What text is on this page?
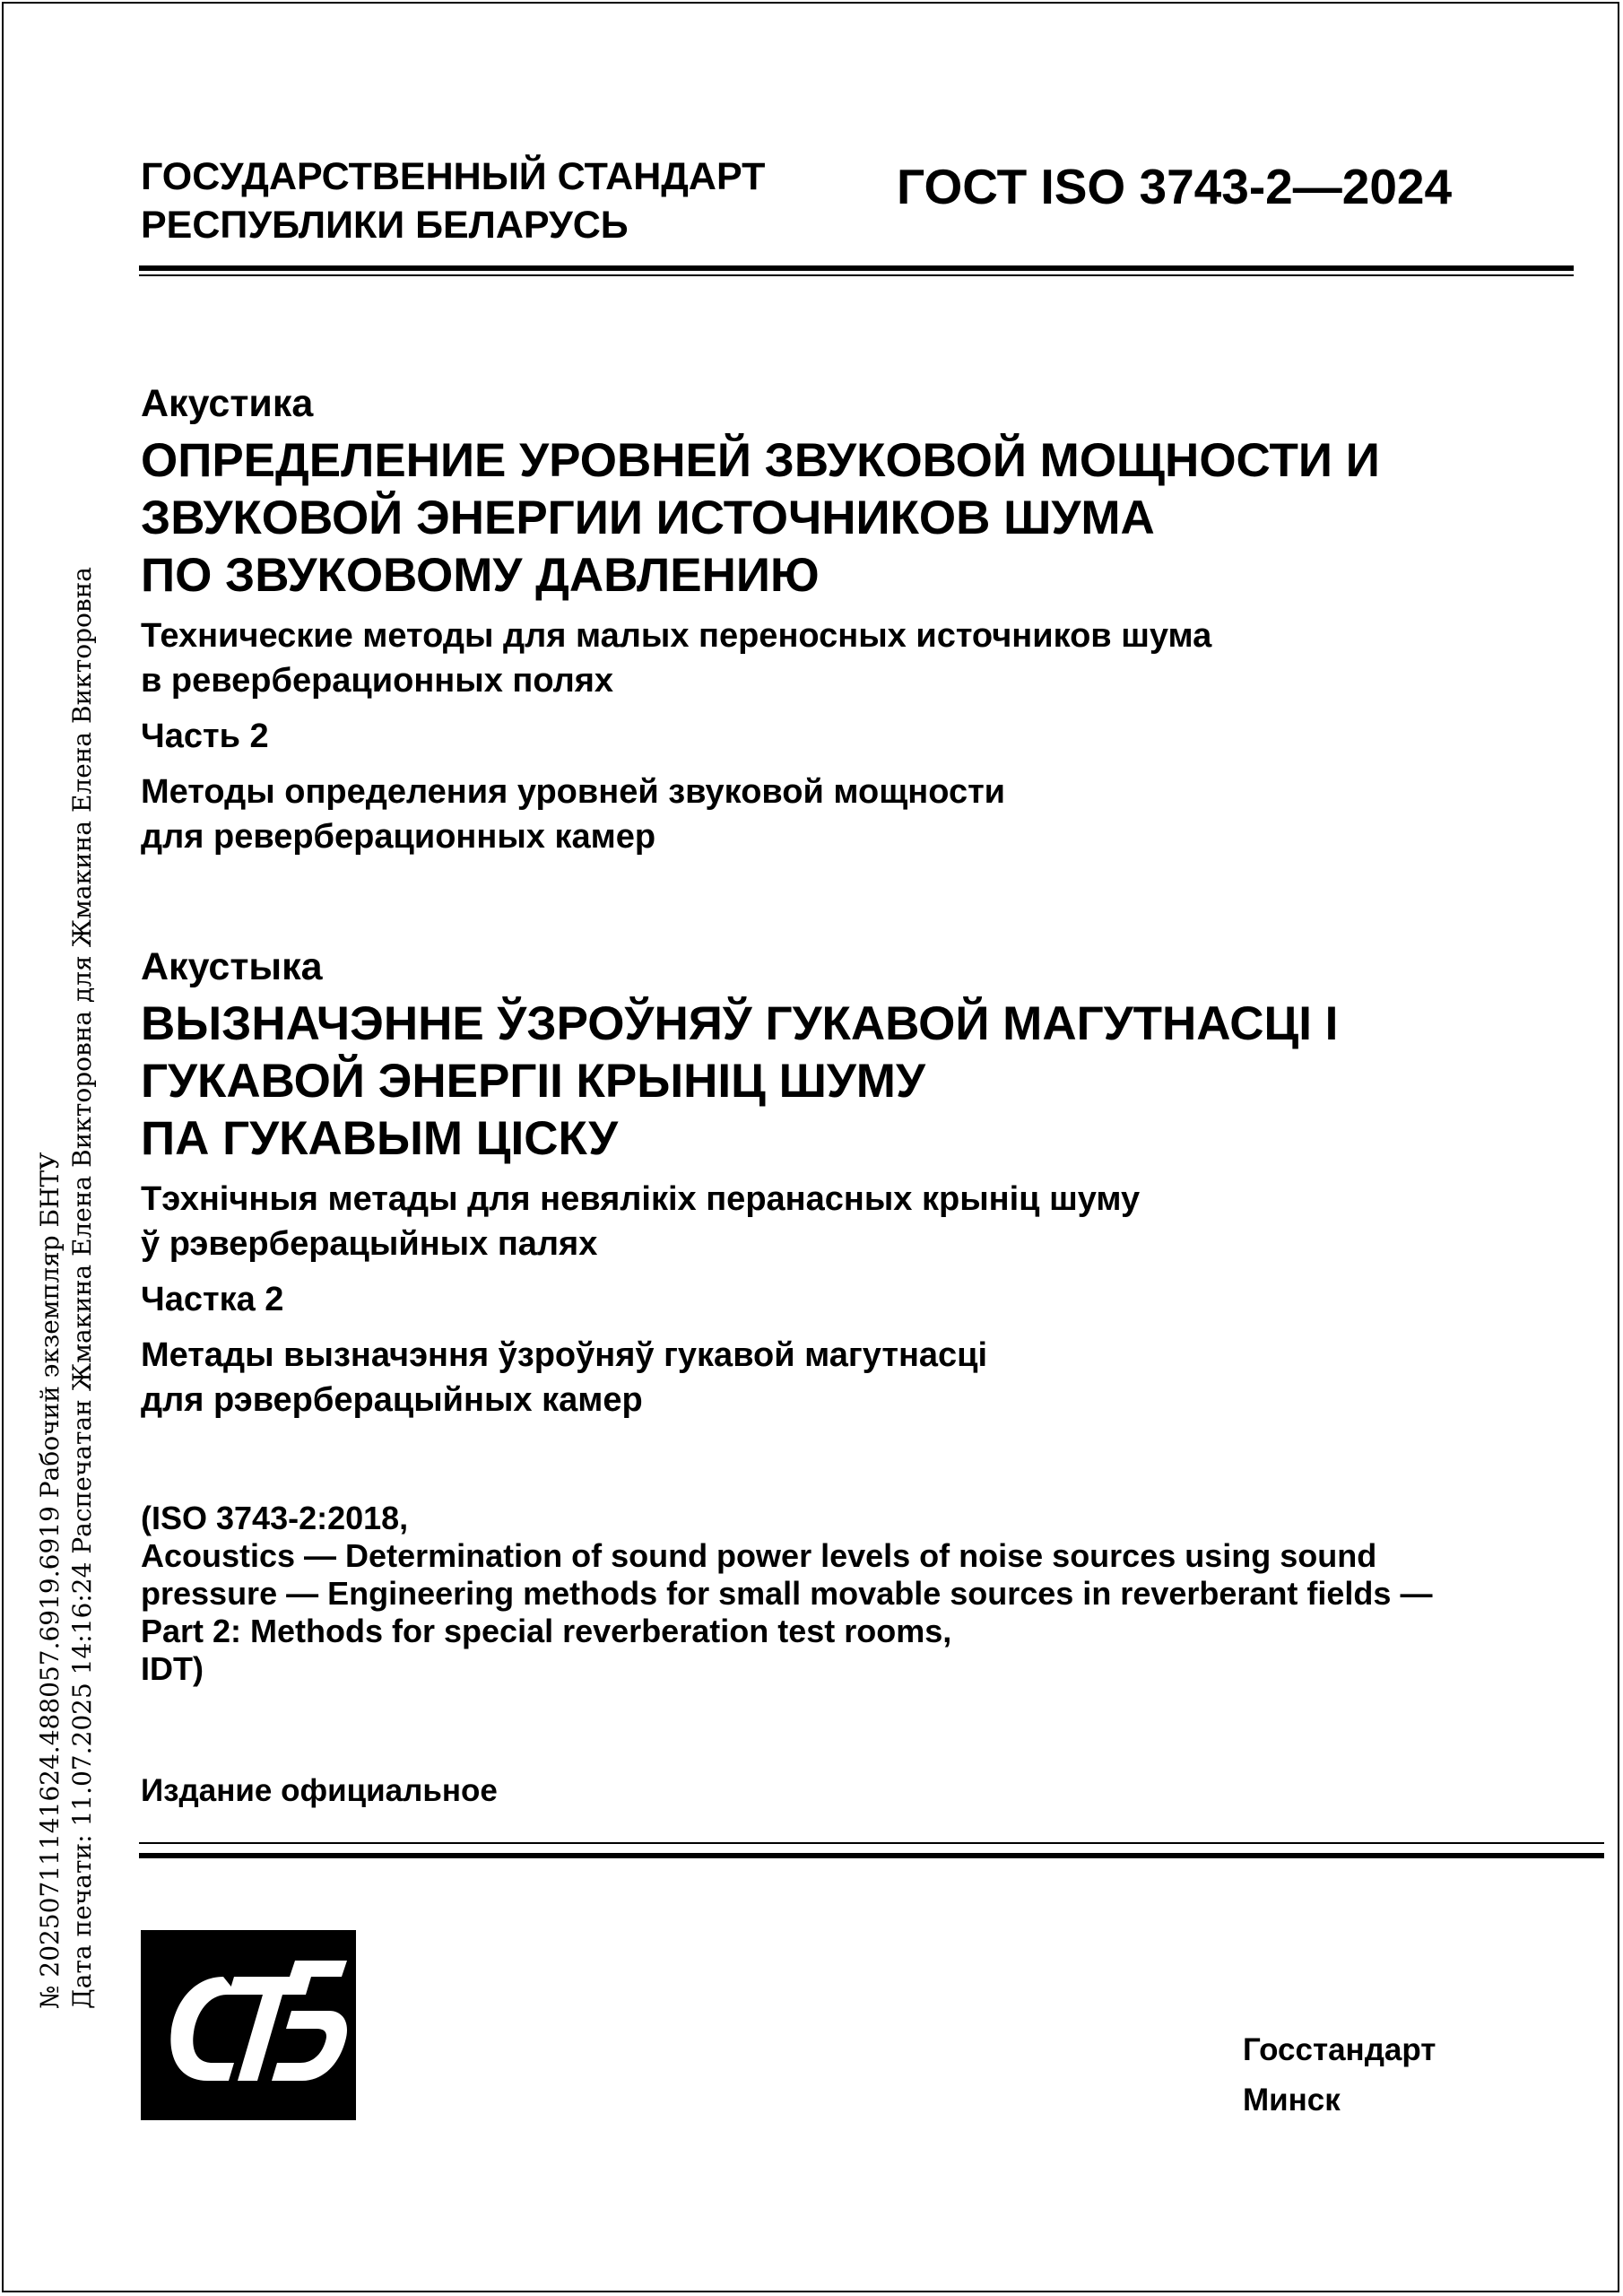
ГОСУДАРСТВЕННЫЙ СТАНДАРТ
РЕСПУБЛИКИ БЕЛАРУСЬ
ГОСТ ISO 3743-2—2024
Акустика
ОПРЕДЕЛЕНИЕ УРОВНЕЙ ЗВУКОВОЙ МОЩНОСТИ И
ЗВУКОВОЙ ЭНЕРГИИ ИСТОЧНИКОВ ШУМА
ПО ЗВУКОВОМУ ДАВЛЕНИЮ
Технические методы для малых переносных источников шума
в реверберационных полях
Часть 2
Методы определения уровней звуковой мощности
для реверберационных камер
Акустыка
ВЫЗНАЧЭННЕ ЎЗРОЎНЯЎ ГУКАВОЙ МАГУТНАСЦІ І
ГУКАВОЙ ЭНЕРГІІ КРЫНІЦ ШУМУ
ПА ГУКАВЫМ ЦІСКУ
Тэхнічныя метады для невялікіх перанасных крыніц шуму
ў рэверберацыйных палях
Частка 2
Метады вызначэння ўзроўняў гукавой магутнасці
для рэверберацыйных камер
(ISO 3743-2:2018,
Acoustics — Determination of sound power levels of noise sources using sound
pressure — Engineering methods for small movable sources in reverberant fields —
Part 2: Methods for special reverberation test rooms,
IDT)
Издание официальное
№ 20250711141624.488057.6919.6919 Рабочий экземпляр БНТУ Дата печати: 11.07.2025 14:16:24 Распечатан Жмакина Елена Викторовна для Жмакина Елена Викторовна
Госстандарт
Минск
